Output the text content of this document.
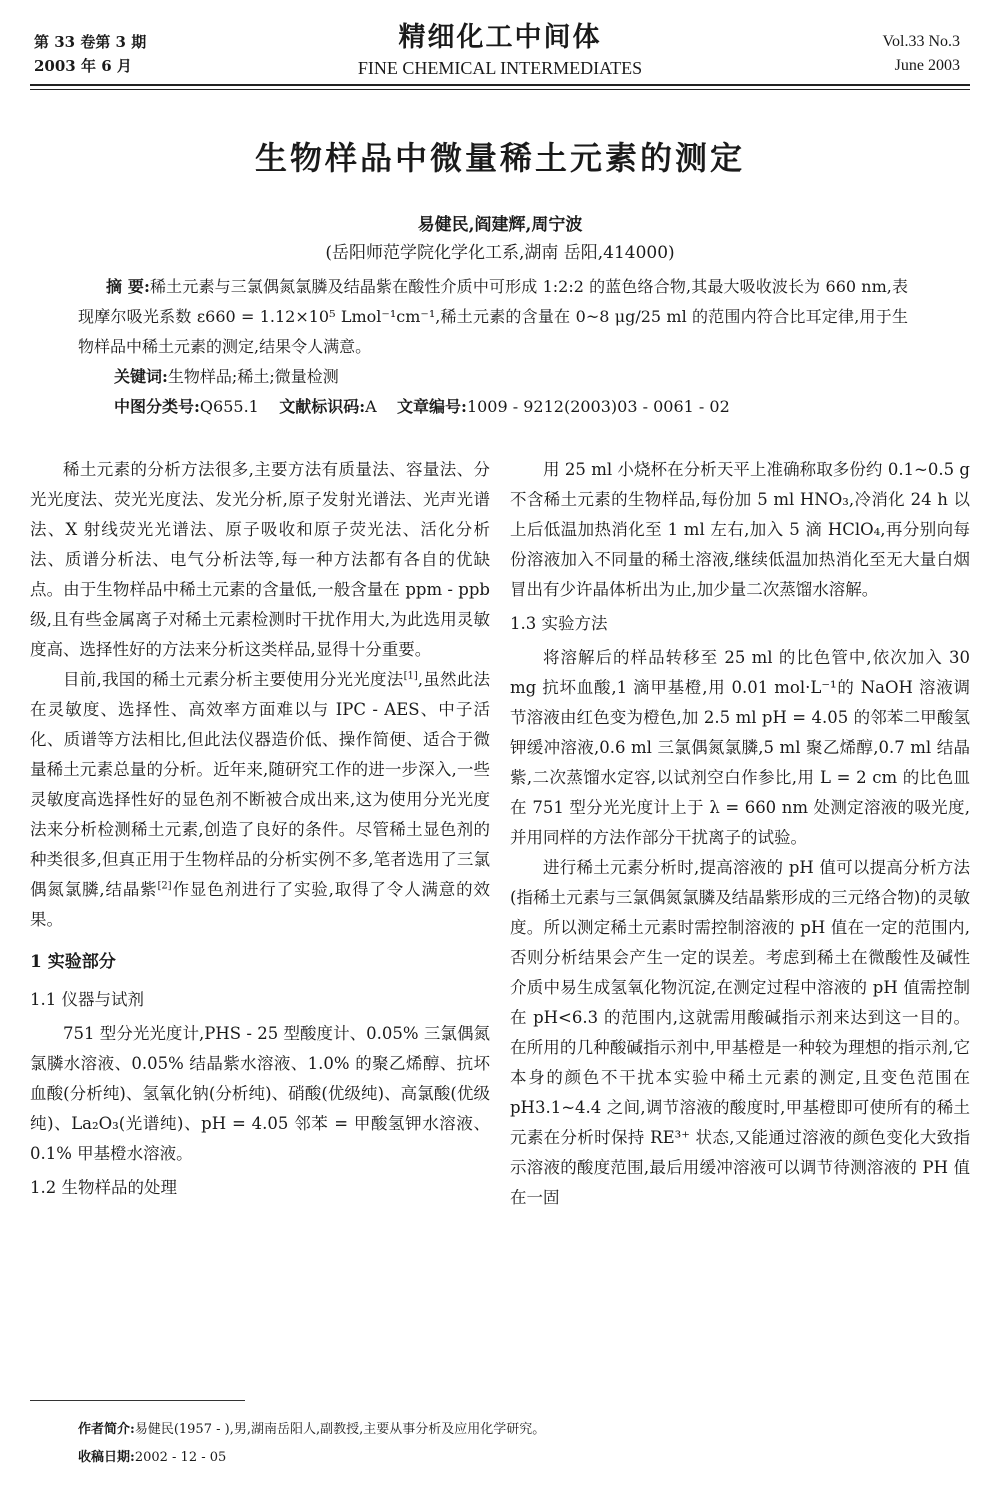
第 33 卷第 3 期
2003 年 6 月
精细化工中间体
FINE CHEMICAL INTERMEDIATES
Vol.33 No.3
June 2003
生物样品中微量稀土元素的测定
易健民,阎建辉,周宁波
(岳阳师范学院化学化工系,湖南 岳阳,414000)

摘 要:稀土元素与三氯偶氮氯膦及结晶紫在酸性介质中可形成 1:2:2 的蓝色络合物,其最大吸收波长为 660 nm,表现摩尔吸光系数 ε660 = 1.12×10⁵ Lmol⁻¹cm⁻¹,稀土元素的含量在 0~8 μg/25 ml 的范围内符合比耳定律,用于生物样品中稀土元素的测定,结果令人满意。

关键词:生物样品;稀土;微量检测

中图分类号:Q655.1 文献标识码:A 文章编号:1009 - 9212(2003)03 - 0061 - 02

稀土元素的分析方法很多,主要方法有质量法、容量法、分光光度法、荧光光度法、发光分析,原子发射光谱法、光声光谱法、X 射线荧光光谱法、原子吸收和原子荧光法、活化分析法、质谱分析法、电气分析法等,每一种方法都有各自的优缺点。由于生物样品中稀土元素的含量低,一般含量在 ppm - ppb 级,且有些金属离子对稀土元素检测时干扰作用大,为此选用灵敏度高、选择性好的方法来分析这类样品,显得十分重要。

目前,我国的稀土元素分析主要使用分光光度法[1],虽然此法在灵敏度、选择性、高效率方面难以与 IPC - AES、中子活化、质谱等方法相比,但此法仪器造价低、操作简便、适合于微量稀土元素总量的分析。近年来,随研究工作的进一步深入,一些灵敏度高选择性好的显色剂不断被合成出来,这为使用分光光度法来分析检测稀土元素,创造了良好的条件。尽管稀土显色剂的种类很多,但真正用于生物样品的分析实例不多,笔者选用了三氯偶氮氯膦,结晶紫[2]作显色剂进行了实验,取得了令人满意的效果。

1 实验部分

1.1 仪器与试剂

751 型分光光度计,PHS - 25 型酸度计、0.05% 三氯偶氮氯膦水溶液、0.05% 结晶紫水溶液、1.0% 的聚乙烯醇、抗坏血酸(分析纯)、氢氧化钠(分析纯)、硝酸(优级纯)、高氯酸(优级纯)、La₂O₃(光谱纯)、pH = 4.05 邻苯 = 甲酸氢钾水溶液、0.1% 甲基橙水溶液。

1.2 生物样品的处理

用 25 ml 小烧杯在分析天平上准确称取多份约 0.1~0.5 g 不含稀土元素的生物样品,每份加 5 ml HNO₃,冷消化 24 h 以上后低温加热消化至 1 ml 左右,加入 5 滴 HClO₄,再分别向每份溶液加入不同量的稀土溶液,继续低温加热消化至无大量白烟冒出有少许晶体析出为止,加少量二次蒸馏水溶解。

1.3 实验方法

将溶解后的样品转移至 25 ml 的比色管中,依次加入 30 mg 抗坏血酸,1 滴甲基橙,用 0.01 mol·L⁻¹的 NaOH 溶液调节溶液由红色变为橙色,加 2.5 ml pH = 4.05 的邻苯二甲酸氢钾缓冲溶液,0.6 ml 三氯偶氮氯膦,5 ml 聚乙烯醇,0.7 ml 结晶紫,二次蒸馏水定容,以试剂空白作参比,用 L = 2 cm 的比色皿在 751 型分光光度计上于 λ = 660 nm 处测定溶液的吸光度,并用同样的方法作部分干扰离子的试验。

进行稀土元素分析时,提高溶液的 pH 值可以提高分析方法(指稀土元素与三氯偶氮氯膦及结晶紫形成的三元络合物)的灵敏度。所以测定稀土元素时需控制溶液的 pH 值在一定的范围内,否则分析结果会产生一定的误差。考虑到稀土在微酸性及碱性介质中易生成氢氧化物沉淀,在测定过程中溶液的 pH 值需控制在 pH<6.3 的范围内,这就需用酸碱指示剂来达到这一目的。在所用的几种酸碱指示剂中,甲基橙是一种较为理想的指示剂,它本身的颜色不干扰本实验中稀土元素的测定,且变色范围在 pH3.1~4.4 之间,调节溶液的酸度时,甲基橙即可使所有的稀土元素在分析时保持 RE³⁺ 状态,又能通过溶液的颜色变化大致指示溶液的酸度范围,最后用缓冲溶液可以调节待测溶液的 PH 值在一固

作者简介:易健民(1957 - ),男,湖南岳阳人,副教授,主要从事分析及应用化学研究。
收稿日期:2002 - 12 - 05
